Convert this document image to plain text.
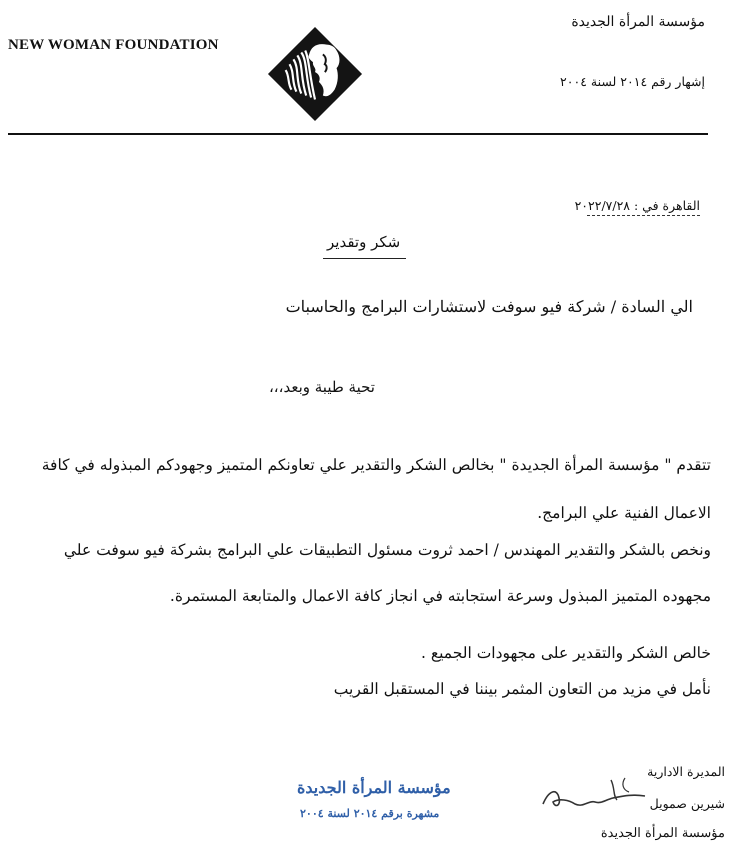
NEW WOMAN FOUNDATION
مؤسسة المرأة الجديدة
إشهار رقم ٢٠١٤ لسنة ٢٠٠٤
القاهرة في : ٢٠٢٢/٧/٢٨
شكر وتقدير
الي السادة / شركة فيو سوفت لاستشارات البرامج والحاسبات
تحية طيبة وبعد،،،
تتقدم " مؤسسة المرأة الجديدة " بخالص الشكر والتقدير علي تعاونكم المتميز وجهودكم المبذوله في كافة
الاعمال الفنية علي البرامج.
ونخص بالشكر والتقدير المهندس / احمد ثروت مسئول التطبيقات علي البرامج بشركة فيو سوفت علي
مجهوده المتميز المبذول وسرعة استجابته في انجاز كافة الاعمال والمتابعة المستمرة.
خالص الشكر والتقدير على مجهودات الجميع .
نأمل في مزيد من التعاون المثمر بيننا في المستقبل القريب
المديرة الادارية
شيرين صمويل
مؤسسة المرأة الجديدة
مؤسسة المرأة الجديدة
مشهرة برقم ٢٠١٤ لسنة ٢٠٠٤
